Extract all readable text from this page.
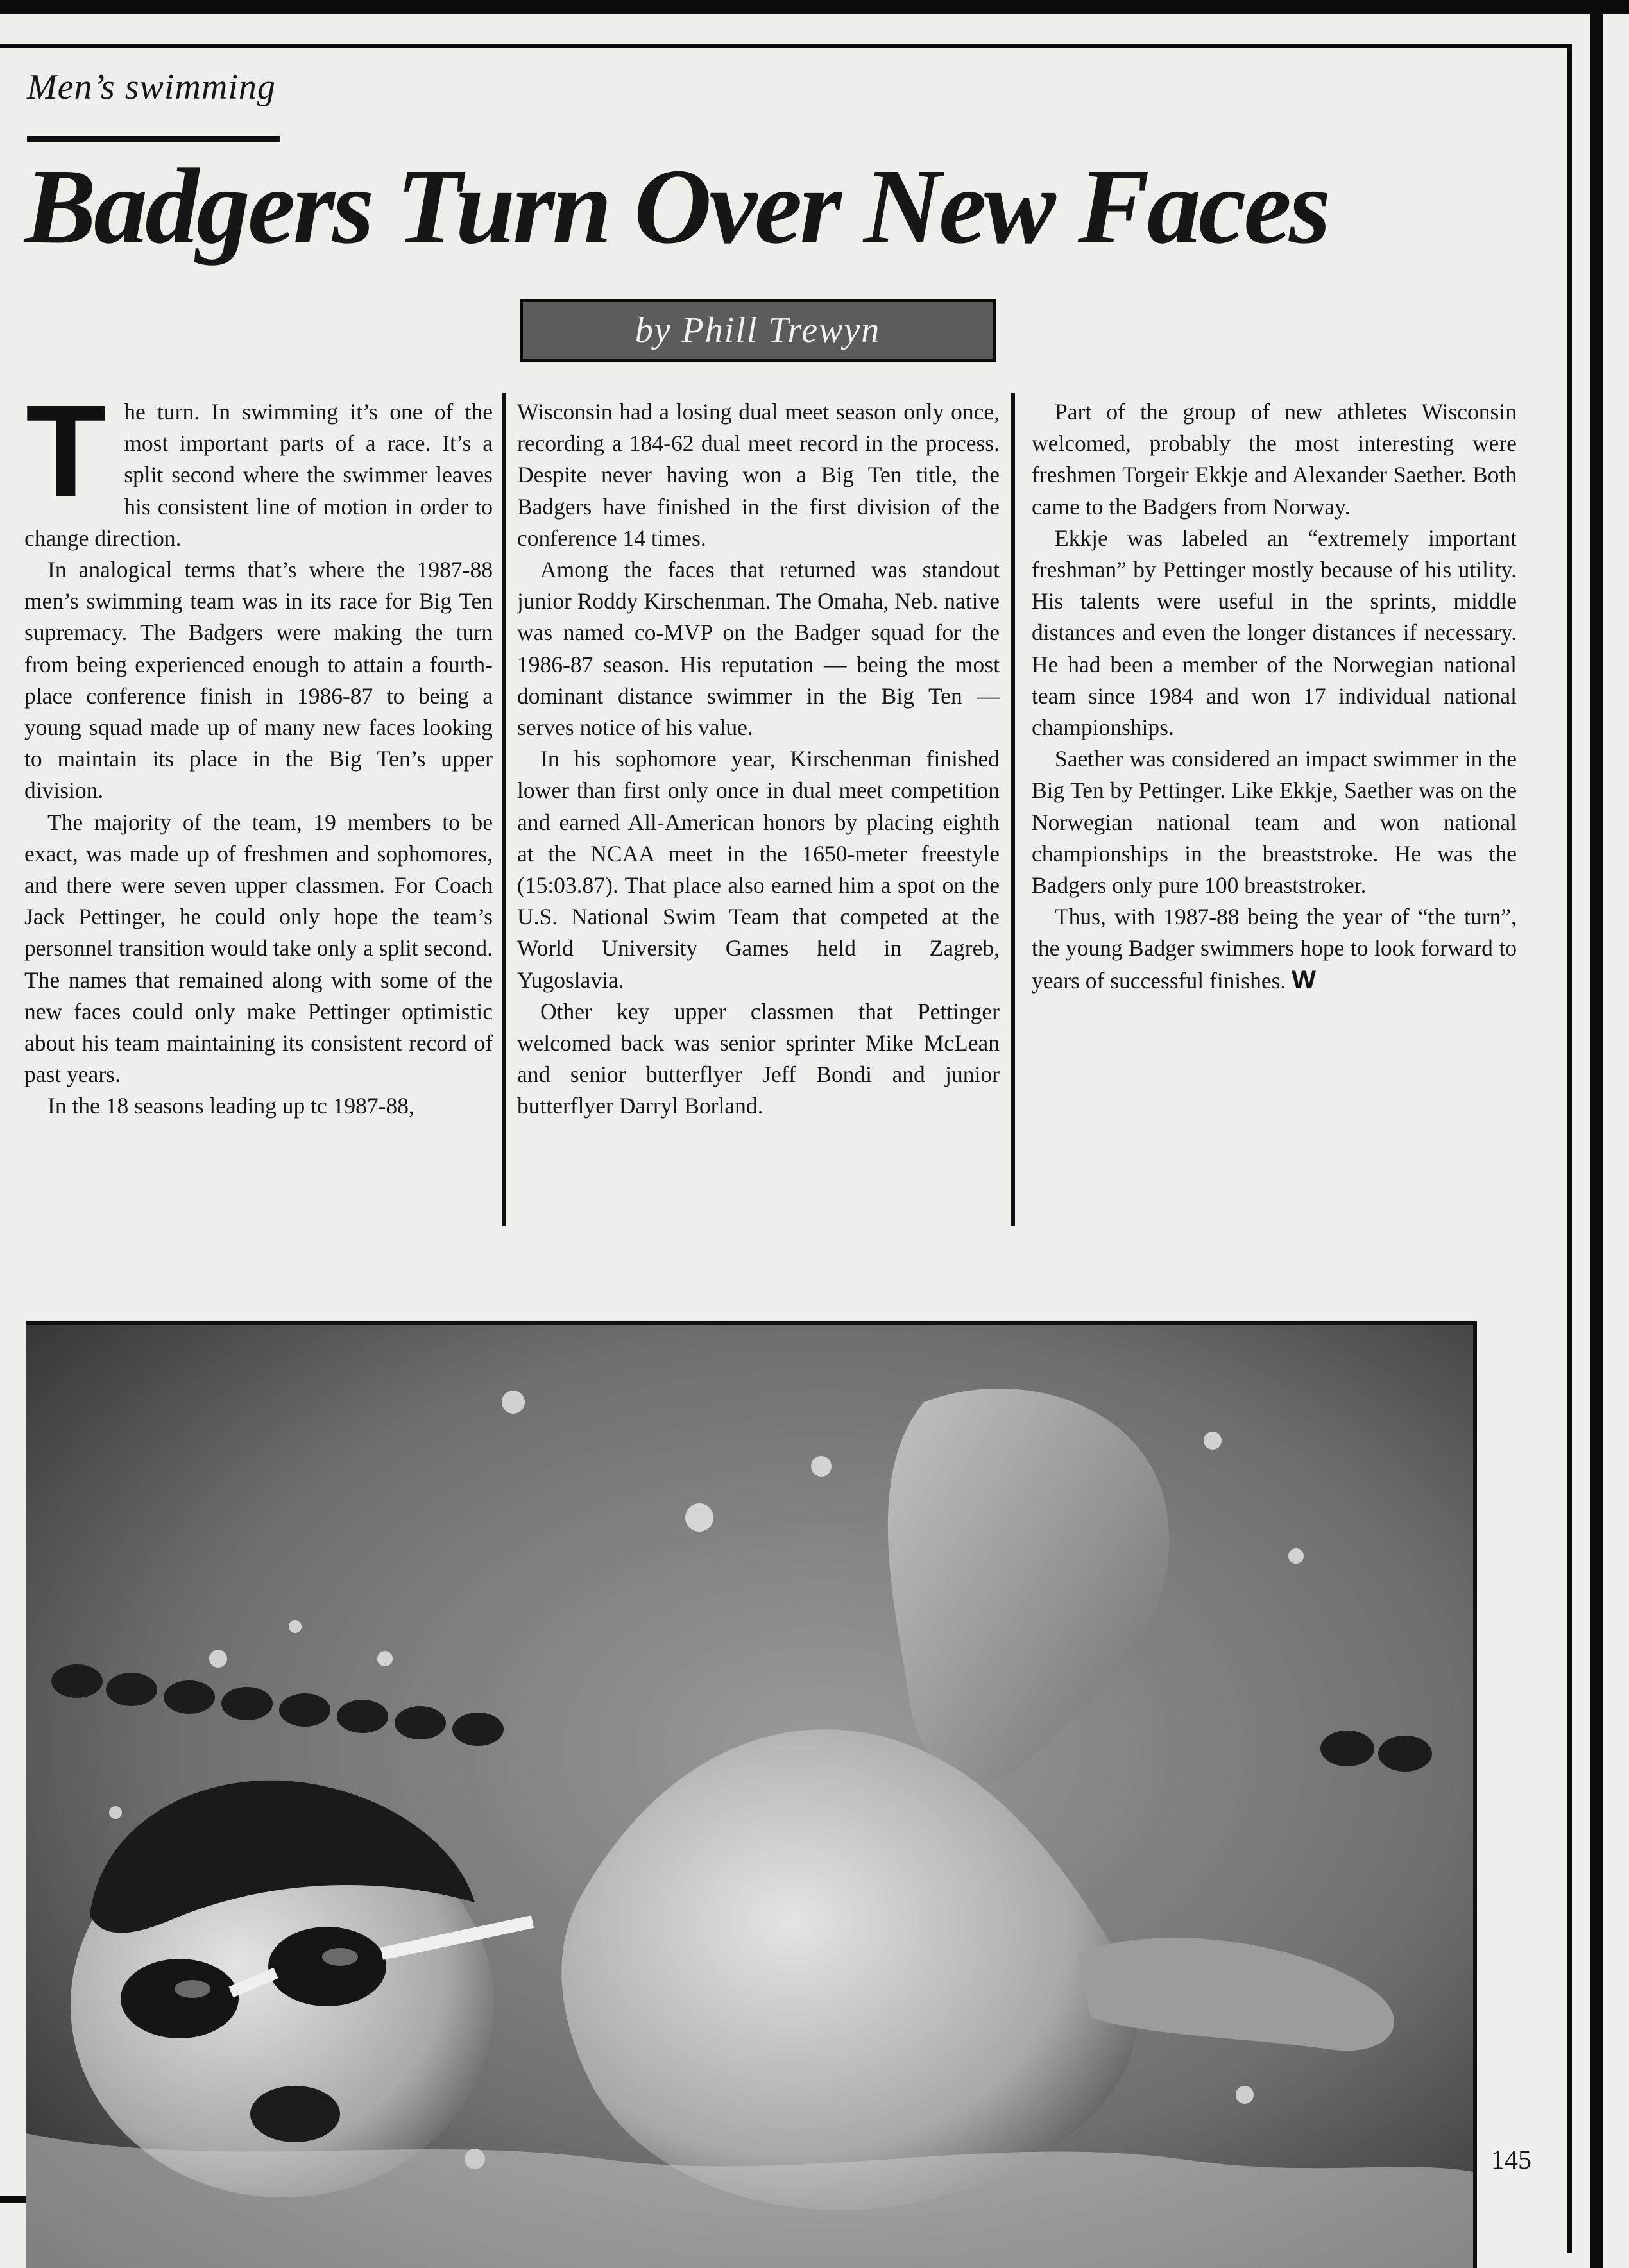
Men’s swimming
Badgers Turn Over New Faces
by Phill Trewyn
T he turn. In swimming it’s one of the most important parts of a race. It’s a split second where the swimmer leaves his consistent line of motion in order to change direction.

In analogical terms that’s where the 1987-88 men’s swimming team was in its race for Big Ten supremacy. The Badgers were making the turn from being experienced enough to attain a fourth-place conference finish in 1986-87 to being a young squad made up of many new faces looking to maintain its place in the Big Ten’s upper division.

The majority of the team, 19 members to be exact, was made up of freshmen and sophomores, and there were seven upper classmen. For Coach Jack Pettinger, he could only hope the team’s personnel transition would take only a split second. The names that remained along with some of the new faces could only make Pettinger optimistic about his team maintaining its consistent record of past years.

In the 18 seasons leading up tc 1987-88,

Wisconsin had a losing dual meet season only once, recording a 184-62 dual meet record in the process. Despite never having won a Big Ten title, the Badgers have finished in the first division of the conference 14 times.

Among the faces that returned was standout junior Roddy Kirschenman. The Omaha, Neb. native was named co-MVP on the Badger squad for the 1986-87 season. His reputation — being the most dominant distance swimmer in the Big Ten — serves notice of his value.

In his sophomore year, Kirschenman finished lower than first only once in dual meet competition and earned All-American honors by placing eighth at the NCAA meet in the 1650-meter freestyle (15:03.87). That place also earned him a spot on the U.S. National Swim Team that competed at the World University Games held in Zagreb, Yugoslavia.

Other key upper classmen that Pettinger welcomed back was senior sprinter Mike McLean and senior butterflyer Jeff Bondi and junior butterflyer Darryl Borland.

Part of the group of new athletes Wisconsin welcomed, probably the most interesting were freshmen Torgeir Ekkje and Alexander Saether. Both came to the Badgers from Norway.

Ekkje was labeled an “extremely important freshman” by Pettinger mostly because of his utility. His talents were useful in the sprints, middle distances and even the longer distances if necessary. He had been a member of the Norwegian national team since 1984 and won 17 individual national championships.

Saether was considered an impact swimmer in the Big Ten by Pettinger. Like Ekkje, Saether was on the Norwegian national team and won national championships in the breaststroke. He was the Badgers only pure 100 breaststroker.

Thus, with 1987-88 being the year of “the turn”, the young Badger swimmers hope to look forward to years of successful finishes. W

145
